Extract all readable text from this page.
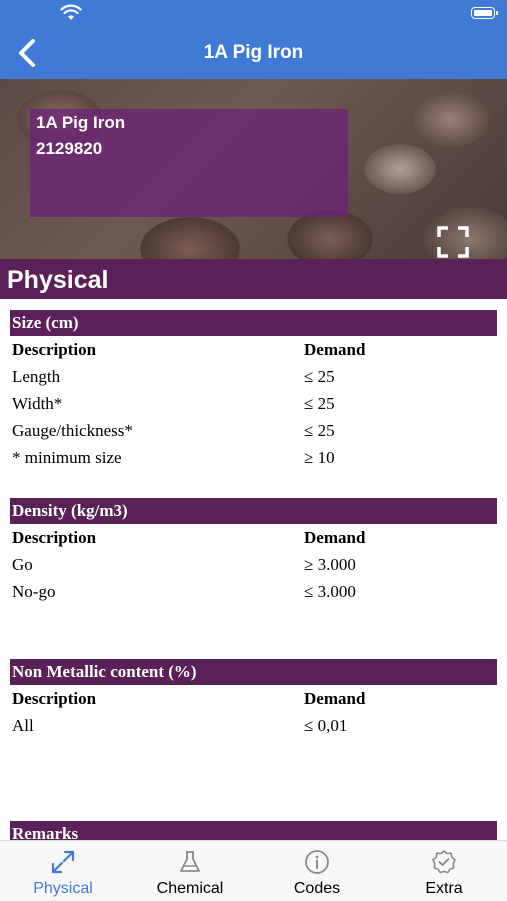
1A Pig Iron
1A Pig Iron
2129820
Physical
Size (cm)
Description	Demand
Length	≤ 25
Width*	≤ 25
Gauge/thickness*	≤ 25
* minimum size	≥ 10
Density (kg/m3)
Description	Demand
Go	≥ 3.000
No-go	≤ 3.000
Non Metallic content (%)
Description	Demand
All	≤ 0,01
Remarks
Physical	Chemical	Codes	Extra
